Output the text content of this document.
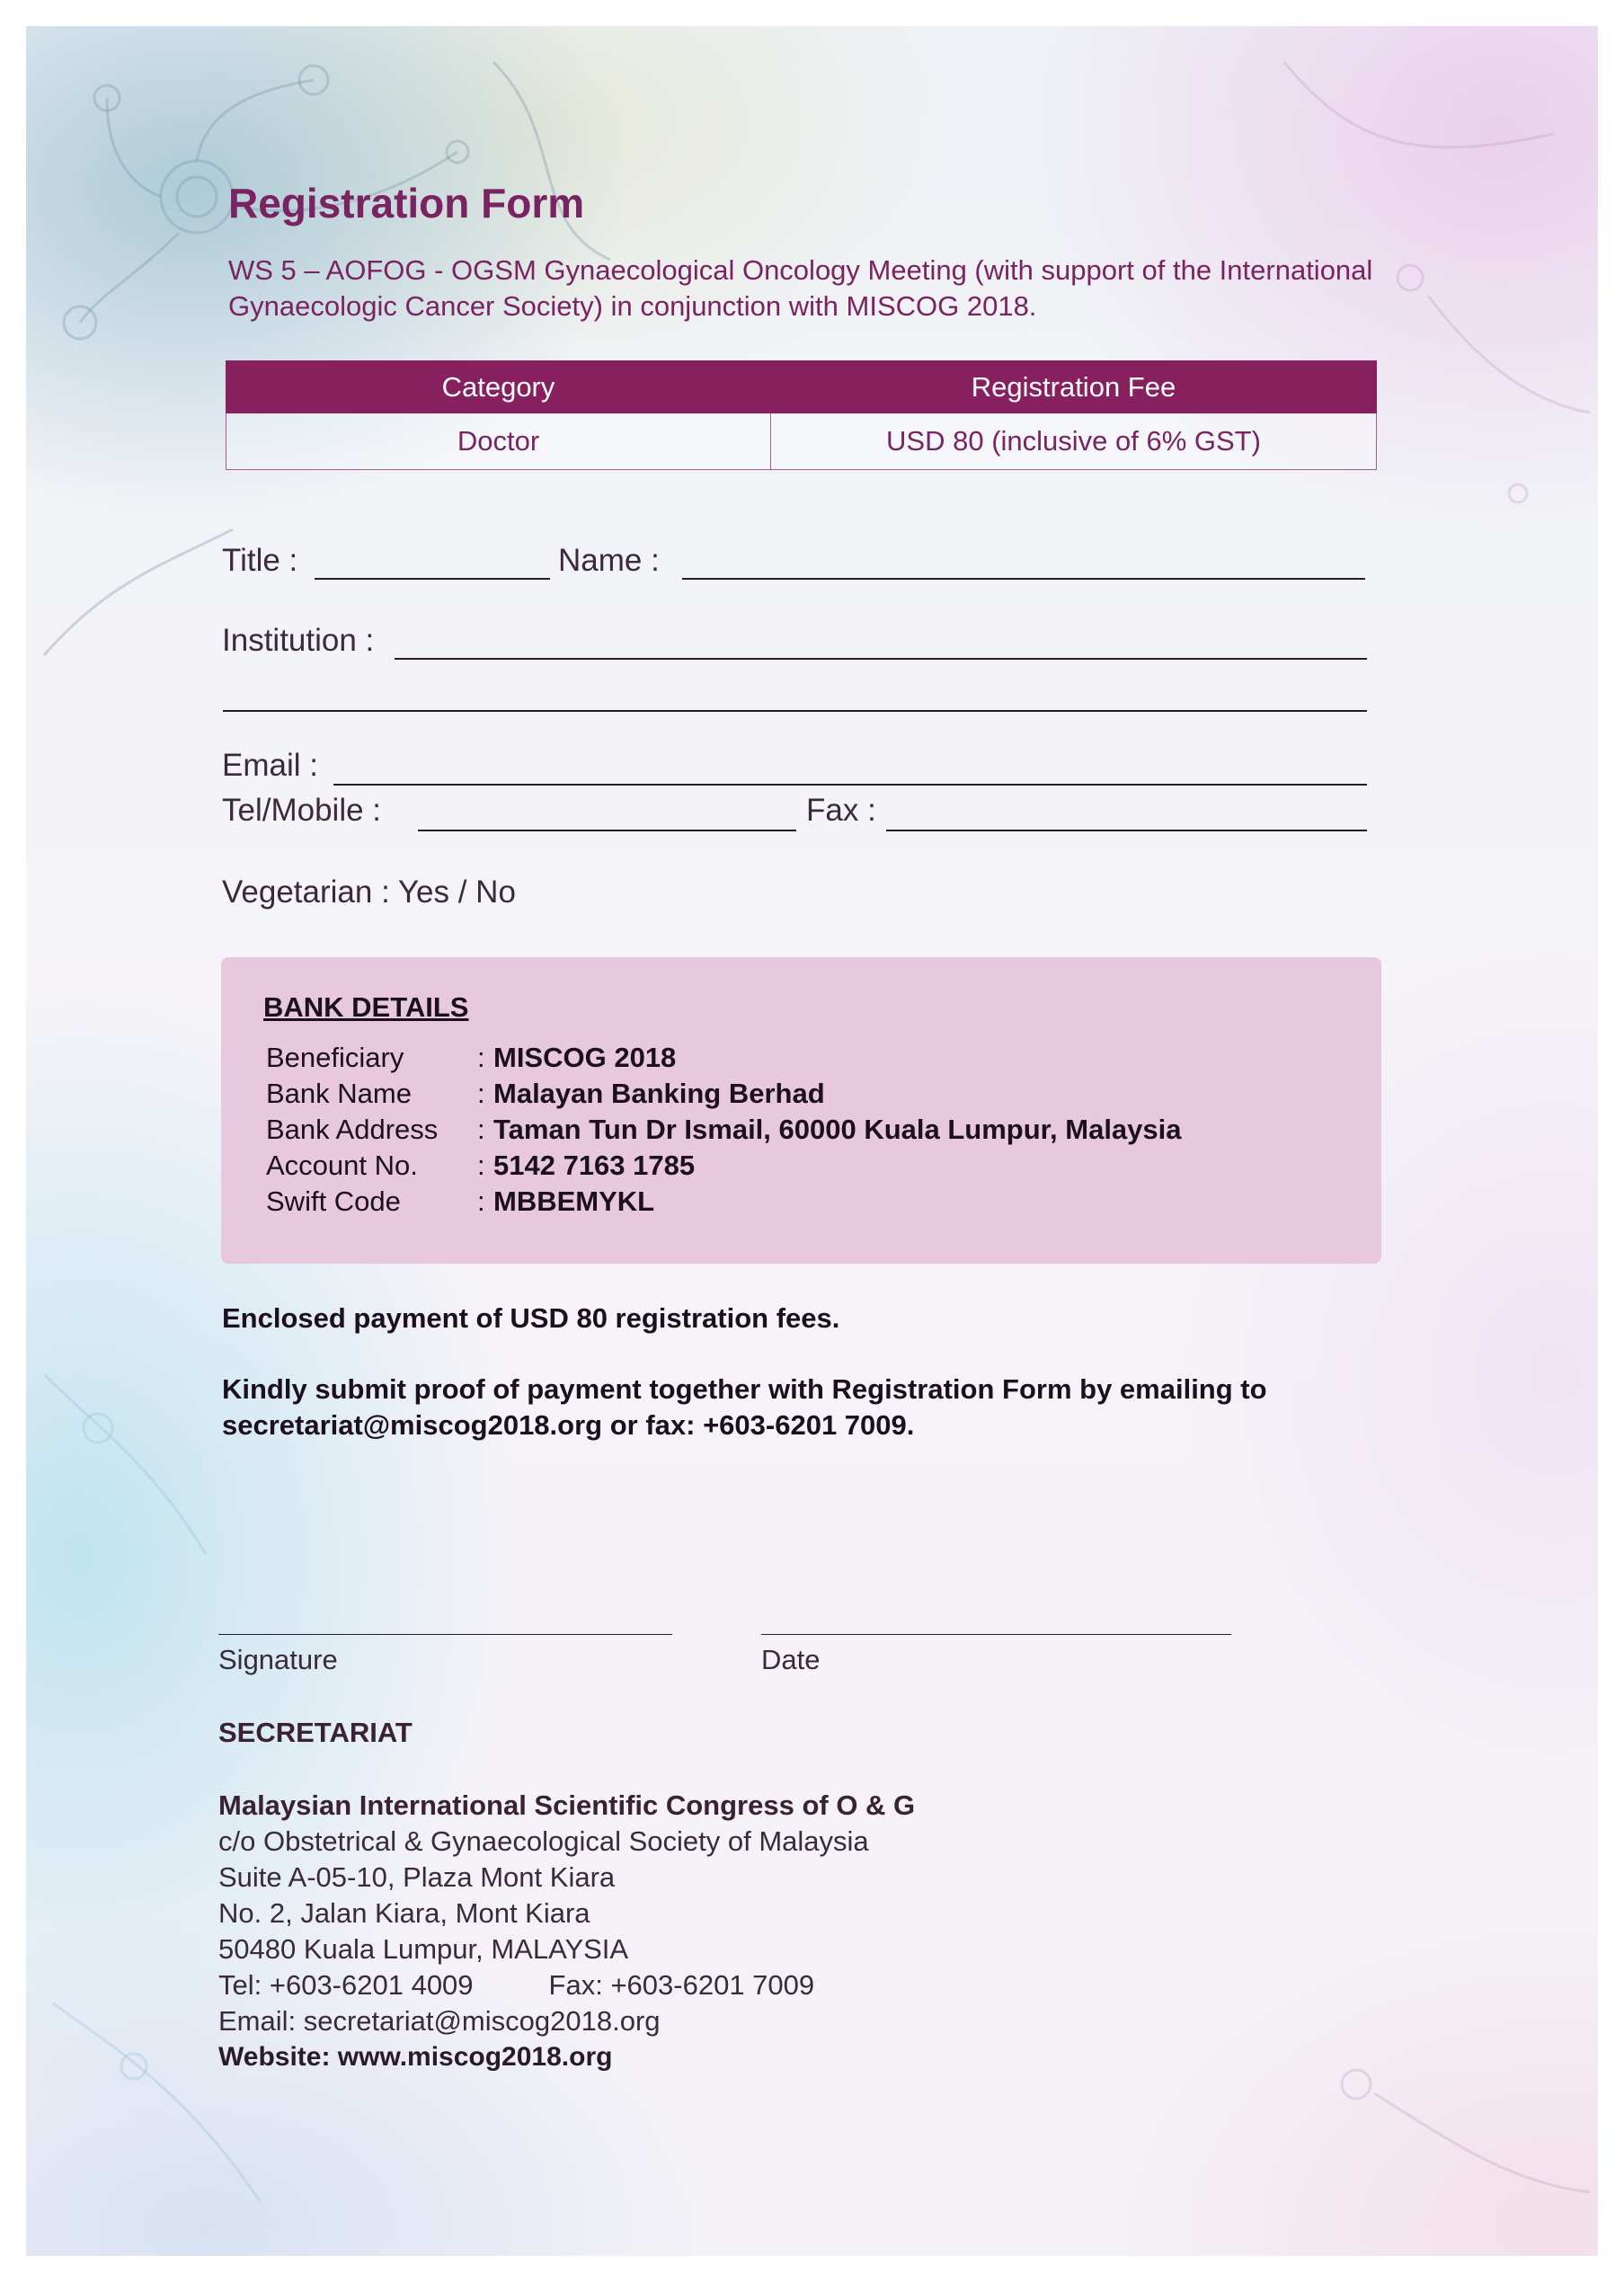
Registration Form
WS 5 – AOFOG - OGSM Gynaecological Oncology Meeting (with support of the International Gynaecologic Cancer Society) in conjunction with MISCOG 2018.
Category	Registration Fee
Doctor	USD 80 (inclusive of 6% GST)
Title :	Name :
Institution :
Email :
Tel/Mobile :	Fax :
Vegetarian : Yes / No
BANK DETAILS
Beneficiary	: MISCOG 2018
Bank Name : Malayan Banking Berhad
Bank Address : Taman Tun Dr Ismail, 60000 Kuala Lumpur, Malaysia
Account No. : 5142 7163 1785
Swift Code	: MBBEMYKL
Enclosed payment of USD 80 registration fees.
Kindly submit proof of payment together with Registration Form by emailing to
secretariat@miscog2018.org or fax: +603-6201 7009.
Signature	Date
SECRETARIAT
Malaysian International Scientific Congress of O & G
c/o Obstetrical & Gynaecological Society of Malaysia
Suite A-05-10, Plaza Mont Kiara
No. 2, Jalan Kiara, Mont Kiara
50480 Kuala Lumpur, MALAYSIA
Tel: +603-6201 4009	Fax: +603-6201 7009
Email: secretariat@miscog2018.org
Website: www.miscog2018.org
